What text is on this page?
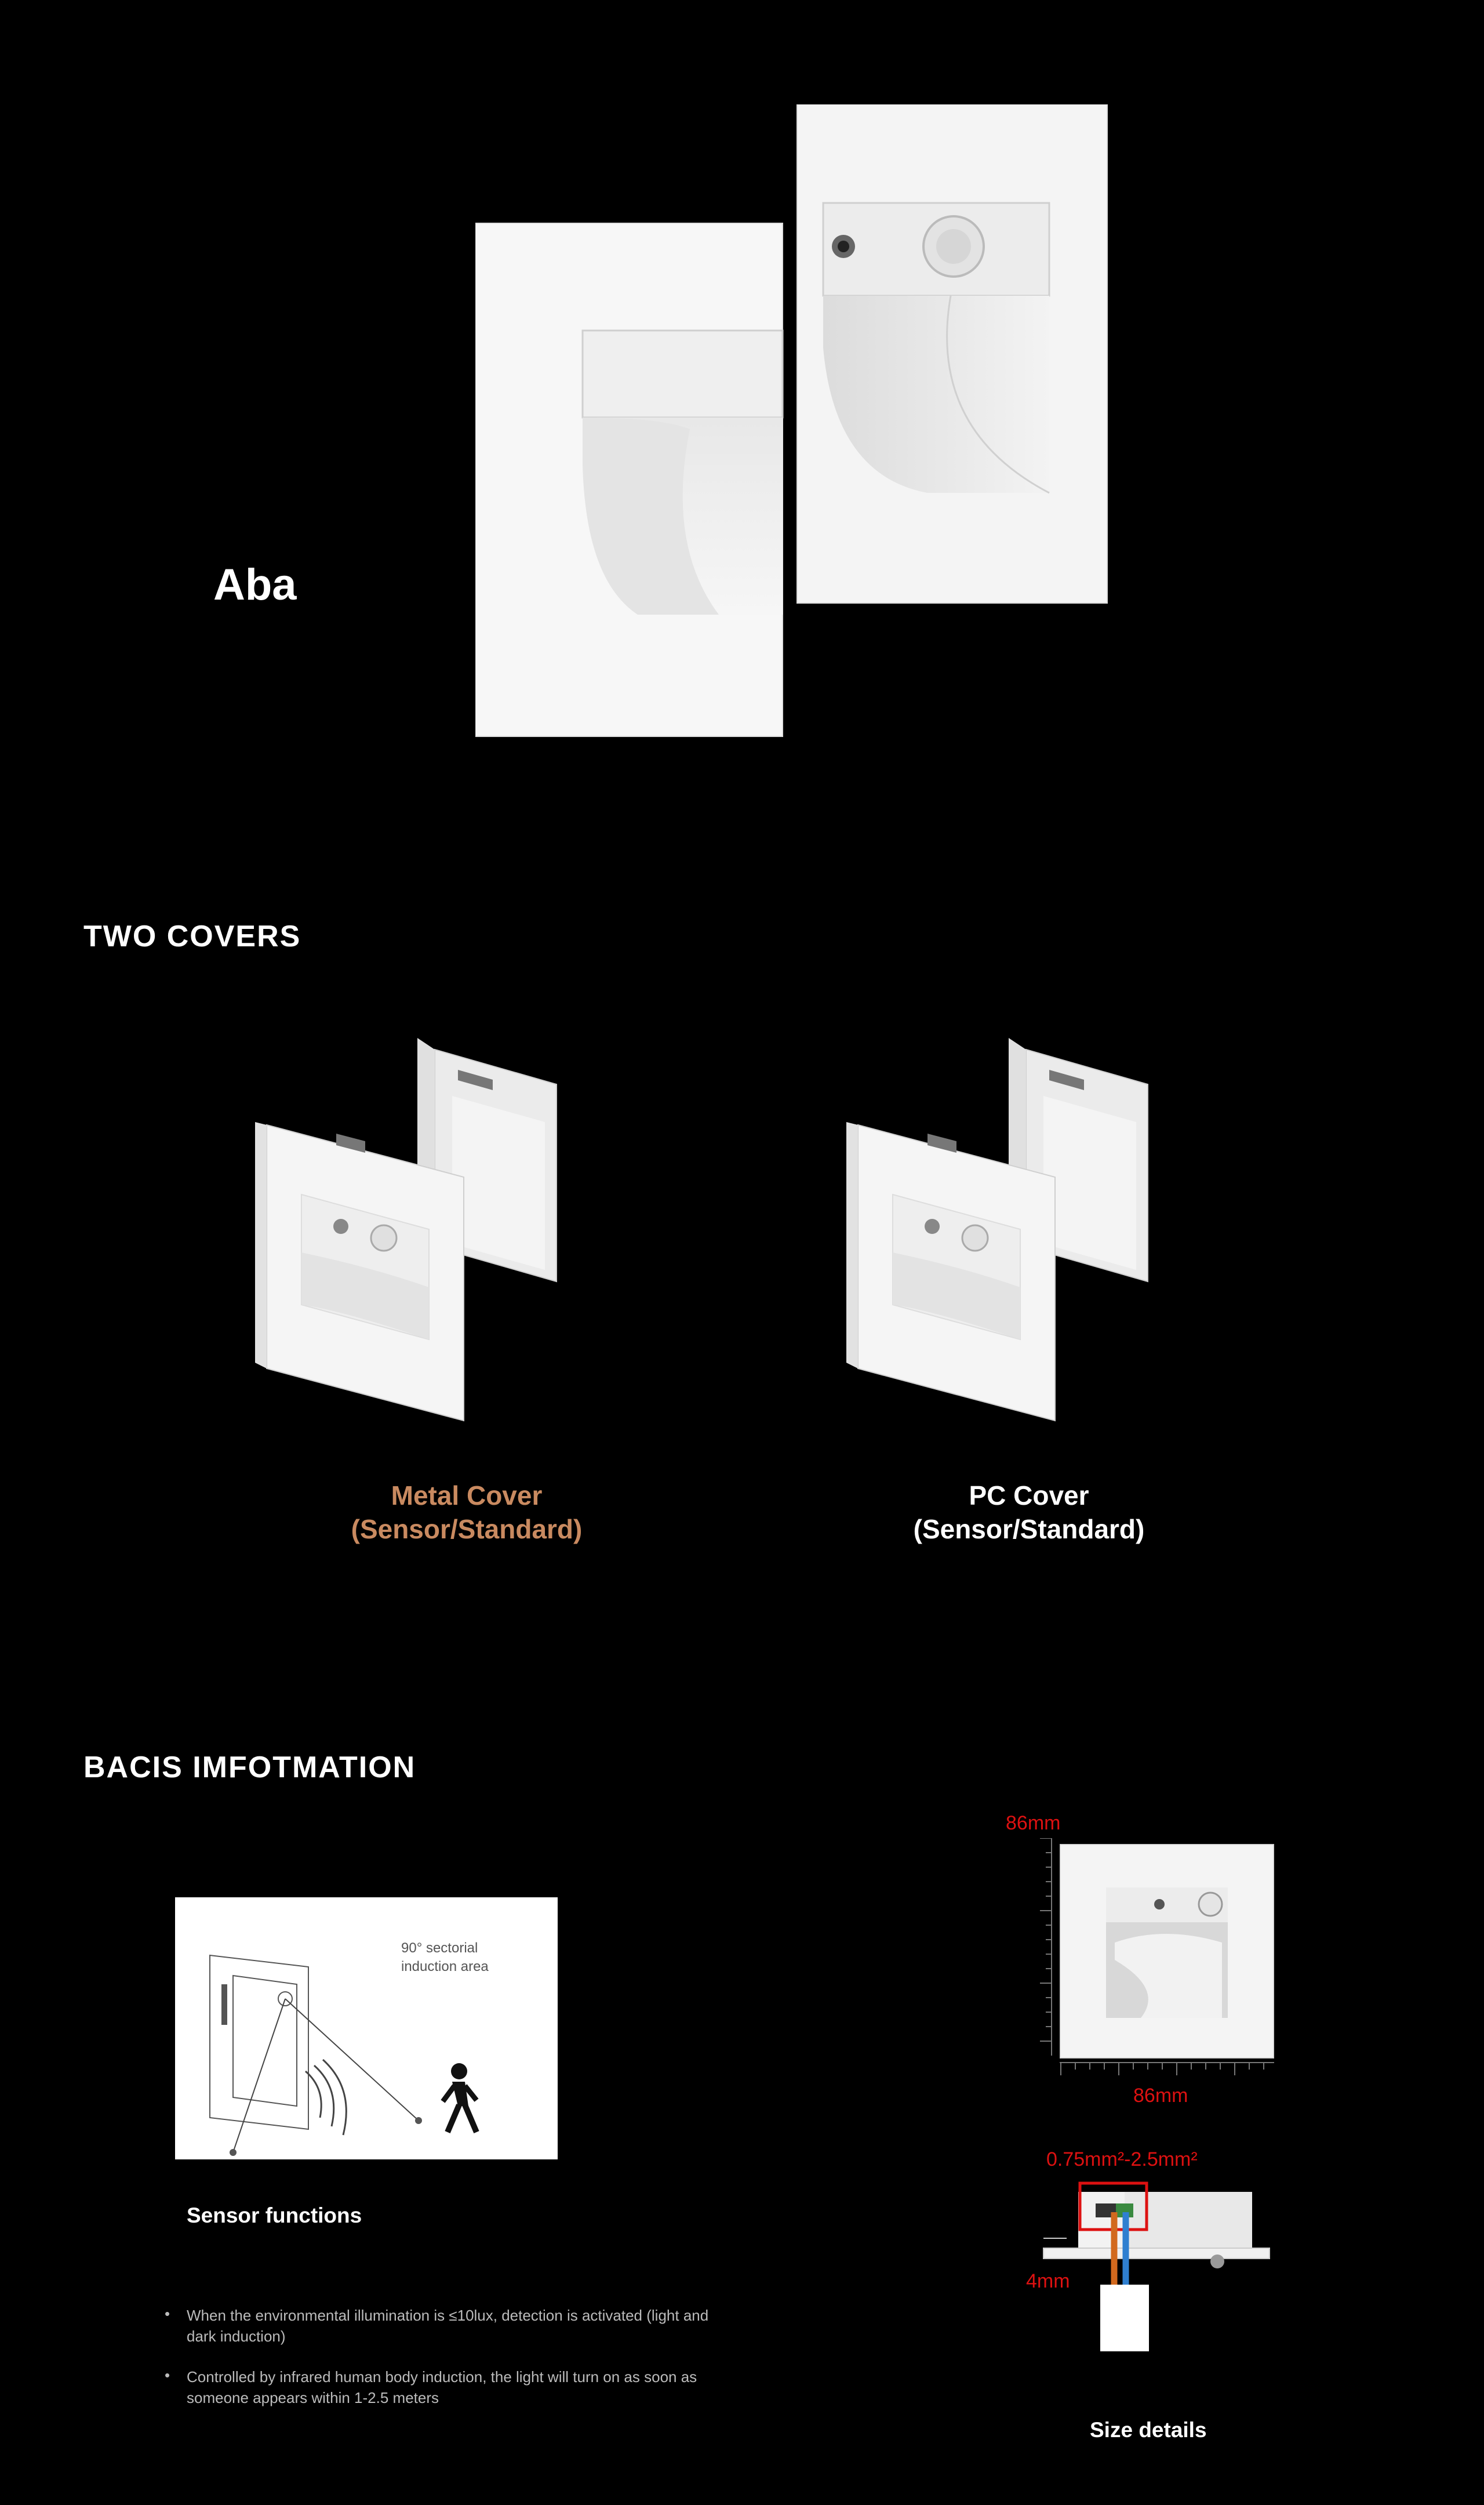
Aba
TWO COVERS
Metal Cover
(Sensor/Standard)
PC Cover
(Sensor/Standard)
BACIS IMFOTMATION
90° sectorial
induction area
Sensor functions
• When the environmental illumination is ≤10lux, detection is activated (light and
dark induction)
• Controlled by infrared human body induction, the light will turn on as soon as
someone appears within 1-2.5 meters
86mm
86mm
0.75mm²-2.5mm²
4mm
Size details
